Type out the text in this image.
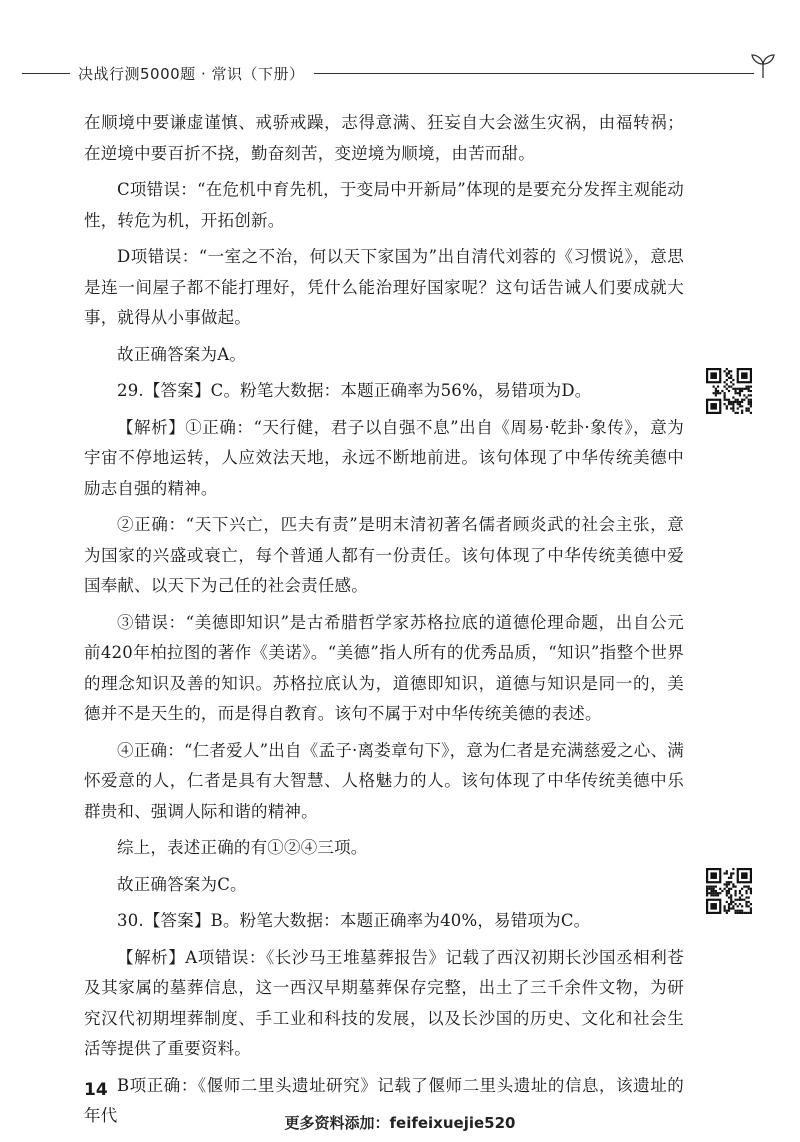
决战行测5000题 · 常识（下册）

在顺境中要谦虚谨慎、戒骄戒躁，志得意满、狂妄自大会滋生灾祸，由福转祸；在逆境中要百折不挠，勤奋刻苦，变逆境为顺境，由苦而甜。

C项错误：“在危机中育先机，于变局中开新局”体现的是要充分发挥主观能动性，转危为机，开拓创新。

D项错误：“一室之不治，何以天下家国为”出自清代刘蓉的《习惯说》，意思是连一间屋子都不能打理好，凭什么能治理好国家呢？这句话告诫人们要成就大事，就得从小事做起。

故正确答案为A。

29.【答案】C。粉笔大数据：本题正确率为56%，易错项为D。

【解析】①正确：“天行健，君子以自强不息”出自《周易·乾卦·象传》，意为宇宙不停地运转，人应效法天地，永远不断地前进。该句体现了中华传统美德中励志自强的精神。

②正确：“天下兴亡，匹夫有责”是明末清初著名儒者顾炎武的社会主张，意为国家的兴盛或衰亡，每个普通人都有一份责任。该句体现了中华传统美德中爱国奉献、以天下为己任的社会责任感。

③错误：“美德即知识”是古希腊哲学家苏格拉底的道德伦理命题，出自公元前420年柏拉图的著作《美诺》。“美德”指人所有的优秀品质，“知识”指整个世界的理念知识及善的知识。苏格拉底认为，道德即知识，道德与知识是同一的，美德并不是天生的，而是得自教育。该句不属于对中华传统美德的表述。

④正确：“仁者爱人”出自《孟子·离娄章句下》，意为仁者是充满慈爱之心、满怀爱意的人，仁者是具有大智慧、人格魅力的人。该句体现了中华传统美德中乐群贵和、强调人际和谐的精神。

综上，表述正确的有①②④三项。

故正确答案为C。

30.【答案】B。粉笔大数据：本题正确率为40%，易错项为C。

【解析】A项错误：《长沙马王堆墓葬报告》记载了西汉初期长沙国丞相利苍及其家属的墓葬信息，这一西汉早期墓葬保存完整，出土了三千余件文物，为研究汉代初期埋葬制度、手工业和科技的发展，以及长沙国的历史、文化和社会生活等提供了重要资料。

B项正确：《偃师二里头遗址研究》记载了偃师二里头遗址的信息，该遗址的年代

14
更多资料添加：feifeixuejie520
